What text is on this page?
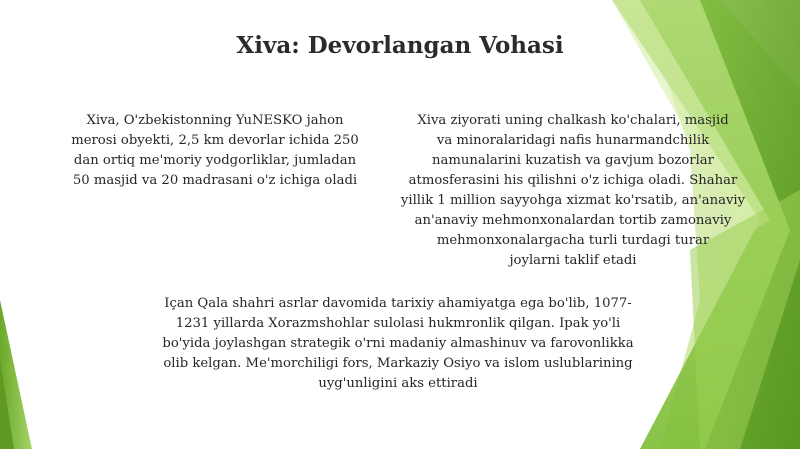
Xiva: Devorlangan Vohasi
Xiva, O'zbekistonning YuNESKO jahon
merosi obyekti, 2,5 km devorlar ichida 250
dan ortiq me'moriy yodgorliklar, jumladan
50 masjid va 20 madrasani o'z ichiga oladi
Xiva ziyorati uning chalkash ko'chalari, masjid
va minoralaridagi nafis hunarmandchilik
namunalarini kuzatish va gavjum bozorlar
atmosferasini his qilishni o'z ichiga oladi. Shahar
yillik 1 million sayyohga xizmat ko'rsatib, an'anaviy
an'anaviy mehmonxonalardan tortib zamonaviy
mehmonxonalargacha turli turdagi turar
joylarni taklif etadi
Içan Qala shahri asrlar davomida tarixiy ahamiyatga ega bo'lib, 1077-
1231 yillarda Xorazmshohlar sulolasi hukmronlik qilgan. Ipak yo'li
bo'yida joylashgan strategik o'rni madaniy almashinuv va farovonlikka
olib kelgan. Me'morchiligi fors, Markaziy Osiyo va islom uslublarining
uyg'unligini aks ettiradi
